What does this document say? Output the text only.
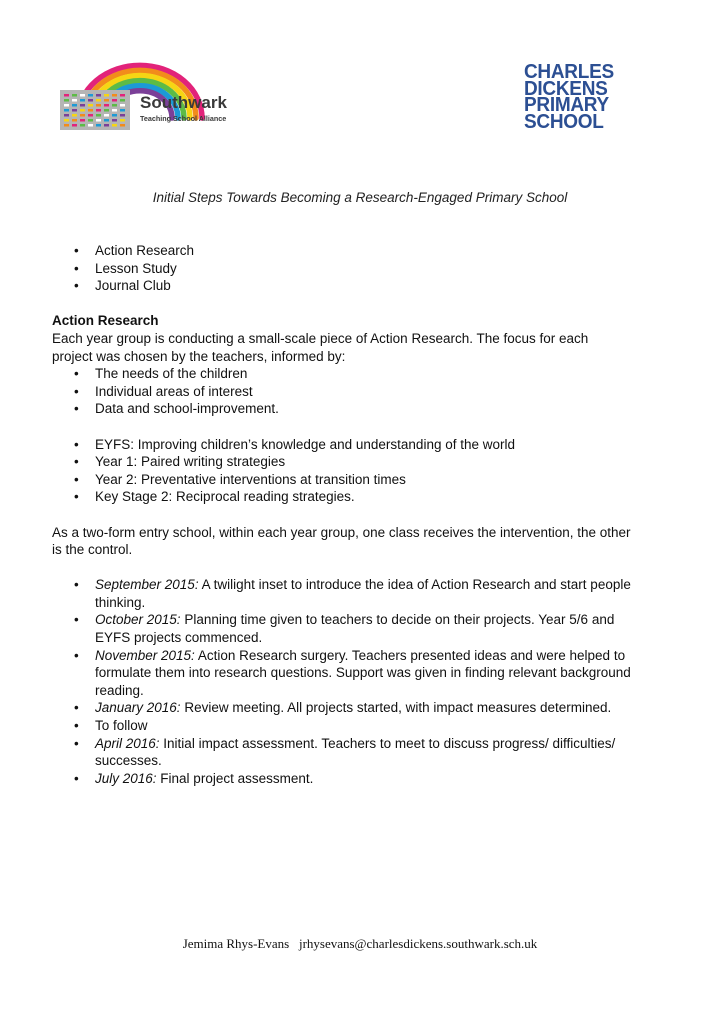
Southwark
Teaching School Alliance
CHARLES
DICKENS
PRIMARY
SCHOOL
Initial Steps Towards Becoming a Research-Engaged Primary School
• Action Research
• Lesson Study
• Journal Club

Action Research

Each year group is conducting a small-scale piece of Action Research. The focus for each project was chosen by the teachers, informed by:

• The needs of the children
• Individual areas of interest
• Data and school-improvement.
• EYFS: Improving children’s knowledge and understanding of the world
• Year 1: Paired writing strategies
• Year 2: Preventative interventions at transition times
• Key Stage 2: Reciprocal reading strategies.

As a two-form entry school, within each year group, one class receives the intervention, the other is the control.

• September 2015: A twilight inset to introduce the idea of Action Research and start people thinking.
• October 2015: Planning time given to teachers to decide on their projects. Year 5/6 and EYFS projects commenced.
• November 2015: Action Research surgery. Teachers presented ideas and were helped to formulate them into research questions. Support was given in finding relevant background reading.
• January 2016: Review meeting. All projects started, with impact measures determined.
• To follow
• April 2016: Initial impact assessment. Teachers to meet to discuss progress/ difficulties/ successes.
• July 2016: Final project assessment.
Jemima Rhys-Evans jrhysevans@charlesdickens.southwark.sch.uk
